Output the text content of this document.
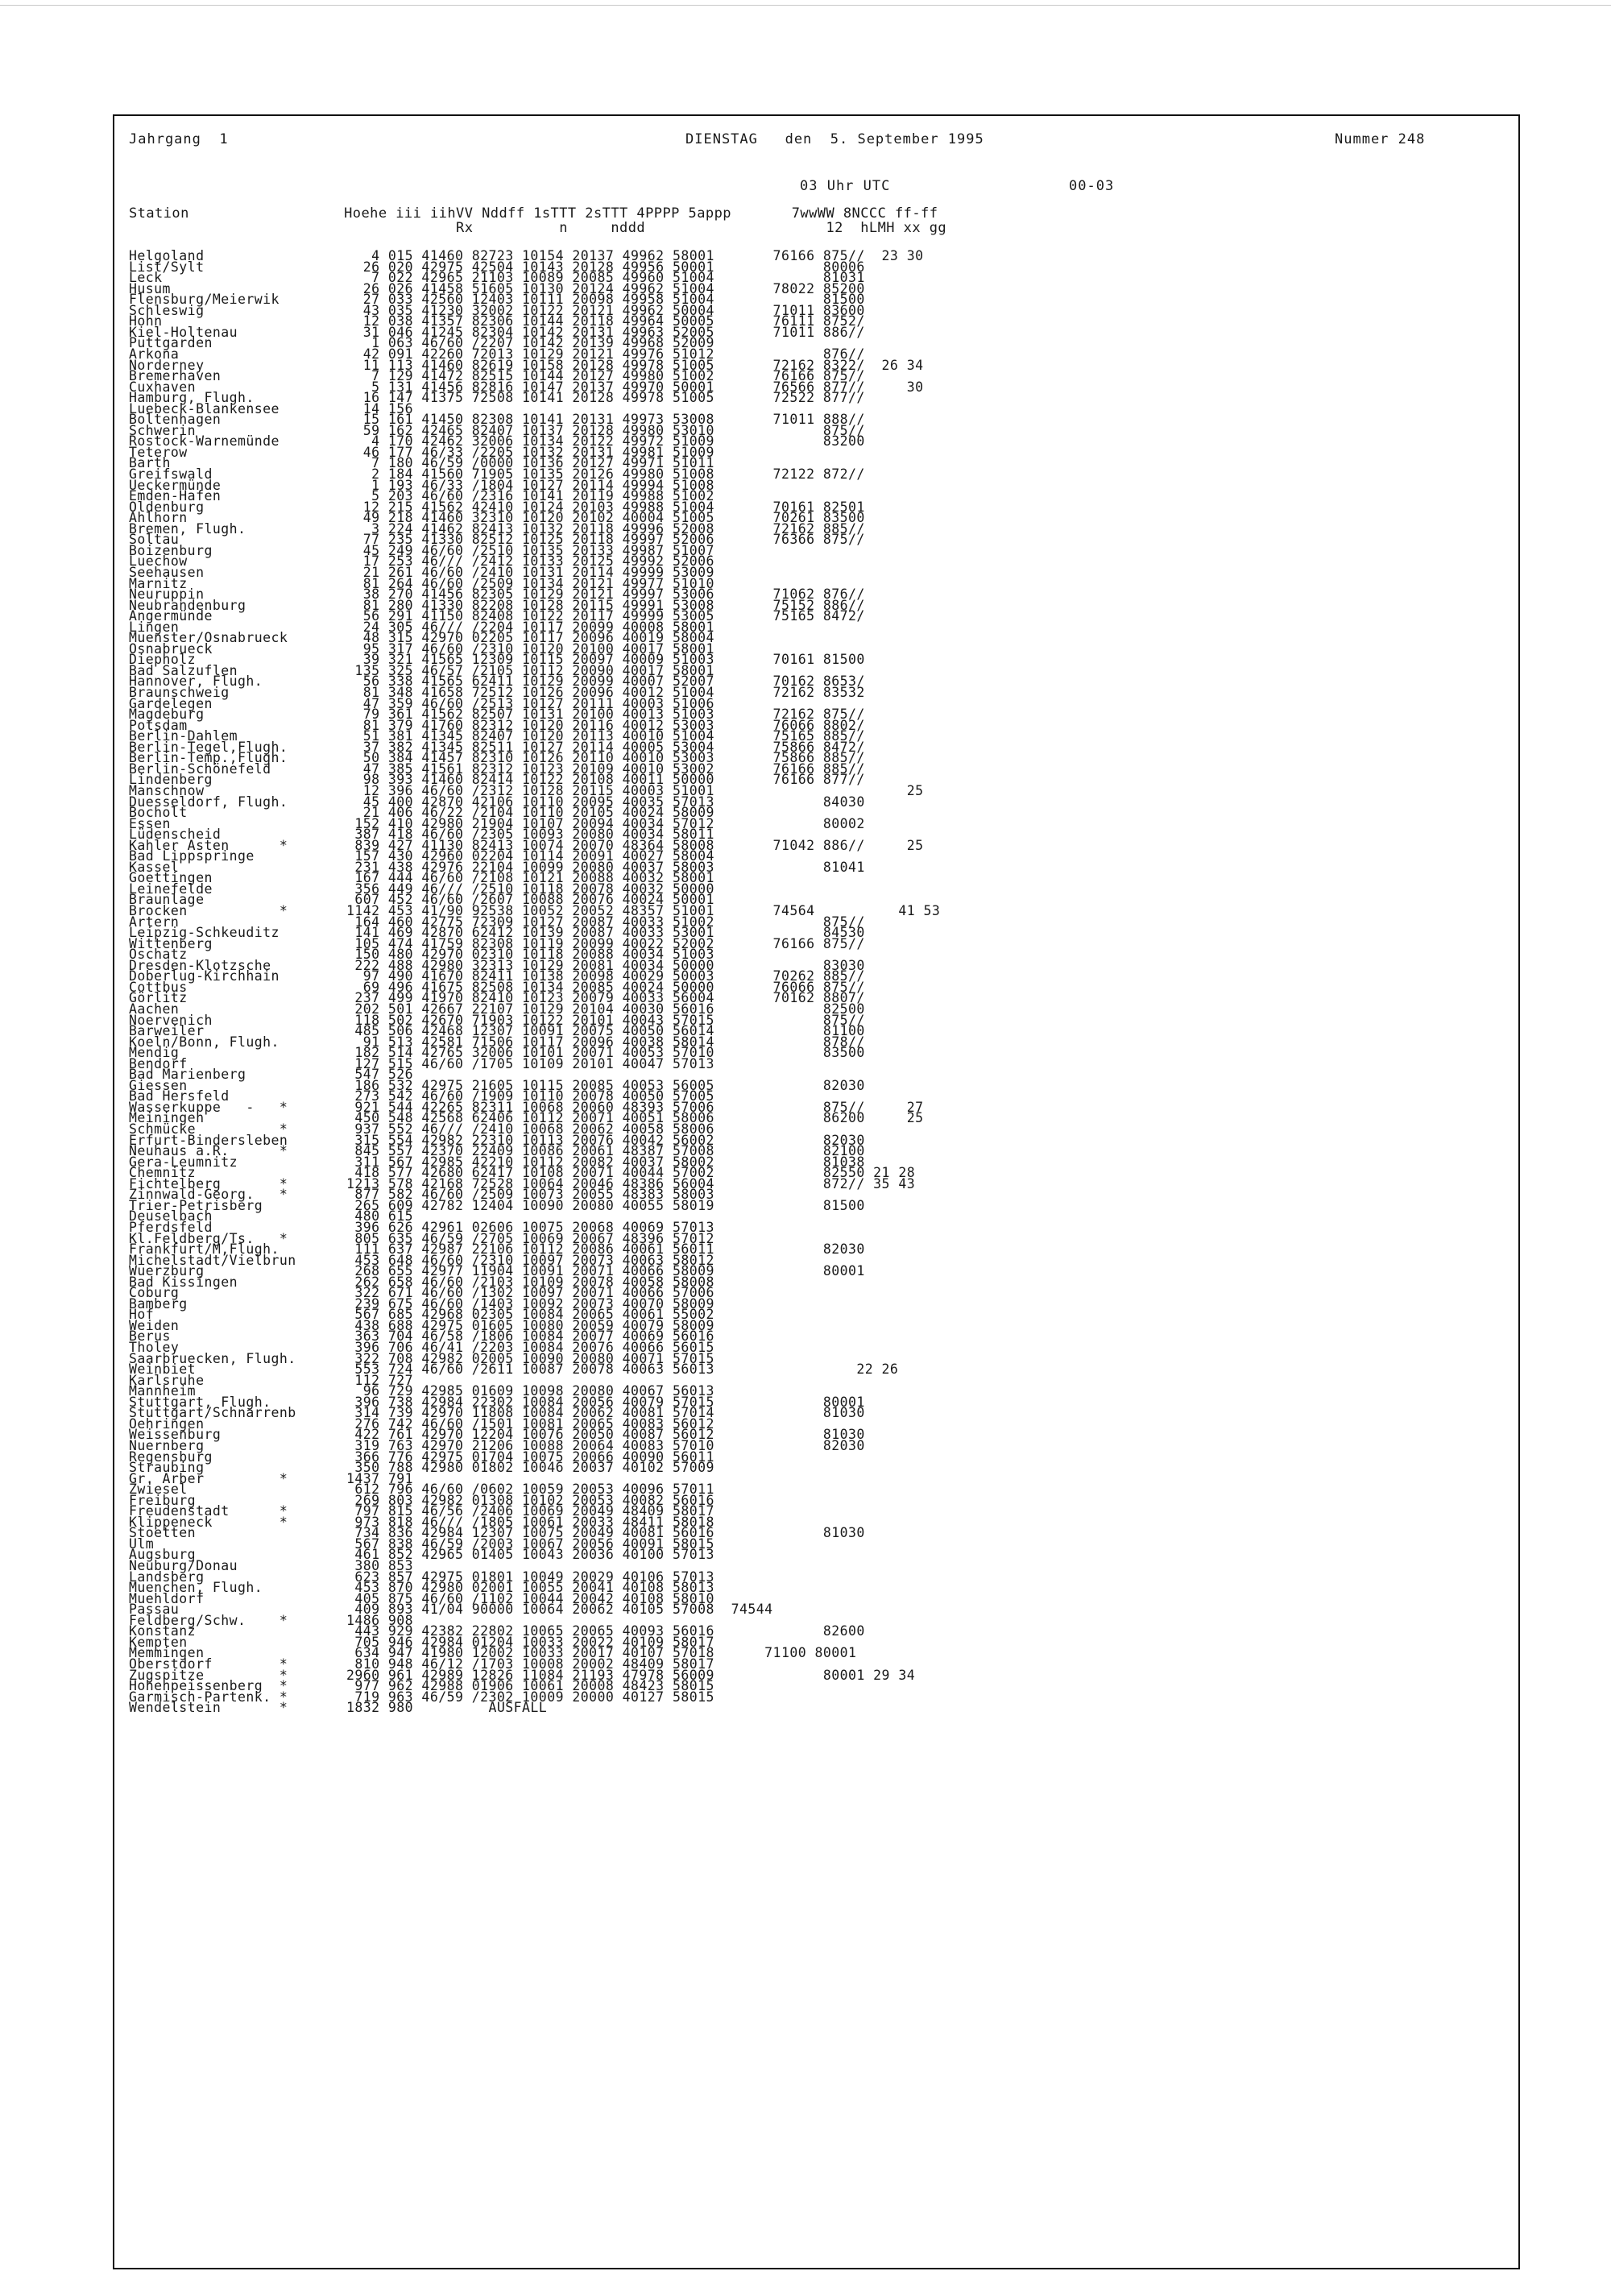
Jahrgang  1	DIENSTAG   den  5. September 1995	Nummer 248
03 Uhr UTC	00-03
Station                  Hoehe iii iihVV Nddff 1sTTT 2sTTT 4PPPP 5appp       7wwWW 8NCCC ff-ff
Rx          n     nddd                     12  hLMH xx gg
Helgoland                    4 015 41460 82723 10154 20137 49962 58001       76166 875//  23 30
List/Sylt                   26 020 42975 42504 10143 20128 49956 50001             80006
Leck                         7 022 42965 21103 10089 20085 49960 51004             81031
Husum                       26 026 41458 51605 10130 20124 49962 51004       78022 85200
Flensburg/Meierwik          27 033 42560 12403 10111 20098 49958 51004             81500
Schleswig                   43 035 41230 32002 10122 20121 49962 50004       71011 83600
Hohn                        12 038 41357 82306 10144 20118 49964 50005       76111 8752/
Kiel-Holtenau               31 046 41245 82304 10142 20131 49963 52005       71011 886//
Puttgarden                   1 063 46/60 /2207 10142 20139 49968 52009
Arkona                      42 091 42260 72013 10129 20121 49976 51012             876//
Norderney                   11 113 41460 82619 10158 20128 49978 51005       72162 8322/  26 34
Bremerhaven                  7 129 41472 82515 10144 20127 49980 51002       76166 875//
Cuxhaven                     5 131 41456 82816 10147 20137 49970 50001       76566 877//     30
Hamburg, Flugh.             16 147 41375 72508 10141 20128 49978 51005       72522 877//
Luebeck-Blankensee          14 156
Boltenhagen                 15 161 41450 82308 10141 20131 49973 53008       71011 888//
Schwerin                    59 162 42465 82407 10137 20128 49980 53010             875//
Rostock-Warnemünde           4 170 42462 32006 10134 20122 49972 51009             83200
Teterow                     46 177 46/33 /2205 10132 20131 49981 51009
Barth                        7 180 46/59 /0000 10136 20127 49971 51011
Greifswald                   2 184 41560 71905 10135 20126 49980 51008       72122 872//
Ueckermünde                  1 193 46/33 /1804 10127 20114 49994 51008
Emden-Hafen                  5 203 46/60 /2316 10141 20119 49988 51002
Oldenburg                   12 215 41562 42410 10124 20103 49988 51004       70161 82501
Ahlhorn                     49 218 41460 32310 10120 20102 40004 51005       70261 83500
Bremen, Flugh.               3 224 41462 82413 10132 20118 49996 52008       72162 885//
Soltau                      77 235 41330 82512 10125 20118 49997 52006       76366 875//
Boizenburg                  45 249 46/60 /2510 10135 20133 49987 51007
Luechow                     17 253 46/// /2412 10133 20125 49992 52006
Seehausen                   21 261 46/60 /2410 10131 20114 49999 53009
Marnitz                     81 264 46/60 /2509 10134 20121 49977 51010
Neuruppin                   38 270 41456 82305 10129 20121 49997 53006       71062 876//
Neubrandenburg              81 280 41330 82208 10128 20115 49991 53008       75152 886//
Angermünde                  56 291 41150 82408 10122 20117 49999 53005       75165 8472/
Lingen                      24 305 46/// /2204 10117 20099 40008 58001
Muenster/Osnabrueck         48 315 42970 02205 10117 20096 40019 58004
Osnabrueck                  95 317 46/60 /2310 10120 20100 40017 58001
Diepholz                    39 321 41565 12309 10115 20097 40009 51003       70161 81500
Bad Salzuflen              135 325 46/57 /2105 10112 20090 40017 58001
Hannover, Flugh.            56 338 41565 62411 10129 20099 40007 52007       70162 8653/
Braunschweig                81 348 41658 72512 10126 20096 40012 51004       72162 83532
Gardelegen                  47 359 46/60 /2513 10127 20111 40003 51006
Magdeburg                   79 361 41562 82507 10131 20100 40013 51003       72162 875//
Potsdam                     81 379 41760 82312 10120 20116 40012 53003       76066 8802/
Berlin-Dahlem               51 381 41345 82407 10120 20113 40010 51004       75165 885//
Berlin-Tegel,Flugh.         37 382 41345 82511 10127 20114 40005 53004       75866 8472/
Berlin-Temp.,Flugh.         50 384 41457 82310 10126 20110 40010 53003       75866 885//
Berlin-Schönefeld           47 385 41561 82312 10123 20109 40010 53002       76166 885//
Lindenberg                  98 393 41460 82414 10122 20108 40011 50000       76166 877//
Manschnow                   12 396 46/60 /2312 10128 20115 40003 51001                       25
Duesseldorf, Flugh.         45 400 42870 42106 10110 20095 40035 57013             84030
Bocholt                     21 406 46/22 /2104 10110 20105 40024 58009
Essen                      152 410 42980 21904 10107 20094 40034 57012             80002
Lüdenscheid                387 418 46/60 /2305 10093 20080 40034 58011
Kahler Asten      *        839 427 41130 82413 10074 20070 48364 58008       71042 886//     25
Bad Lippspringe            157 430 42960 02204 10114 20091 40027 58004
Kassel                     231 438 42976 22104 10099 20080 40037 58003             81041
Goettingen                 167 444 46/60 /2108 10121 20088 40032 58001
Leinefelde                 356 449 46/// /2510 10118 20078 40032 50000
Braunlage                  607 452 46/60 /2607 10088 20076 40024 50001
Brocken           *       1142 453 41/90 92538 10052 20052 48357 51001       74564          41 53
Artern                     164 460 42775 72309 10127 20087 40033 51002             875//
Leipzig-Schkeuditz         141 469 42870 62412 10139 20087 40033 53001             84530
Wittenberg                 105 474 41759 82308 10119 20099 40022 52002       76166 875//
Oschatz                    150 480 42970 02310 10118 20088 40034 51003
Dresden-Klotzsche          222 488 42980 32313 10129 20081 40034 50000             83030
Doberlug-Kirchhain          97 490 41670 82411 10138 20098 40029 50003       70262 885//
Cottbus                     69 496 41675 82508 10134 20085 40024 50000       76066 875//
Görlitz                    237 499 41970 82410 10123 20079 40033 56004       70162 8807/
Aachen                     202 501 42667 22107 10129 20104 40030 56016             82500
Noervenich                 118 502 42670 71903 10122 20101 40043 57015             875//
Barweiler                  485 506 42468 12307 10091 20075 40050 56014             81100
Koeln/Bonn, Flugh.          91 513 42581 71506 10117 20096 40038 58014             878//
Mendig                     182 514 42765 32006 10101 20071 40053 57010             83500
Bendorf                    127 515 46/60 /1705 10109 20101 40047 57013
Bad Marienberg             547 526
Giessen                    186 532 42975 21605 10115 20085 40053 56005             82030
Bad Hersfeld               273 542 46/60 /1909 10110 20078 40050 57005
Wasserkuppe   -   *        921 544 42265 82311 10068 20060 48393 57006             875//     27
Meiningen                  450 548 42568 62406 10112 20071 40051 58006             86200     25
Schmücke          *        937 552 46/// /2410 10068 20062 40058 58006
Erfurt-Bindersleben        315 554 42982 22310 10113 20076 40042 56002             82030
Neuhaus a.R.      *        845 557 42370 22409 10086 20061 48387 57008             82100
Gera-Leumnitz              311 567 42985 42210 10112 20082 40037 58002             81038
Chemnitz                   418 577 42680 62417 10108 20071 40044 57002             82550 21 28
Fichtelberg       *       1213 578 42168 72528 10064 20046 48386 56004             872// 35 43
Zinnwald-Georg.   *        877 582 46/60 /2509 10073 20055 48383 58003
Trier-Petrisberg           265 609 42782 12404 10090 20080 40055 58019             81500
Deuselbach                 480 615
Pferdsfeld                 396 626 42961 02606 10075 20068 40069 57013
Kl.Feldberg/Ts.   *        805 635 46/59 /2705 10069 20067 48396 57012
Frankfurt/M,Flugh.         111 637 42987 22106 10112 20086 40061 56011             82030
Michelstadt/Vielbrun       453 648 46/60 /2310 10097 20073 40063 58012
Wuerzburg                  268 655 42977 11904 10091 20071 40066 58009             80001
Bad Kissingen              262 658 46/60 /2103 10109 20078 40058 58008
Coburg                     322 671 46/60 /1302 10097 20071 40066 57006
Bamberg                    239 675 46/60 /1403 10092 20073 40070 58009
Hof                        567 685 42968 02305 10084 20065 40061 55002
Weiden                     438 688 42975 01605 10080 20059 40079 58009
Berus                      363 704 46/58 /1806 10084 20077 40069 56016
Tholey                     396 706 46/41 /2203 10084 20076 40066 56015
Saarbruecken, Flugh.       322 708 42982 02005 10090 20080 40071 57015
Weinbiet                   553 724 46/60 /2611 10087 20078 40063 56013                 22 26
Karlsruhe                  112 727
Mannheim                    96 729 42985 01609 10098 20080 40067 56013
Stuttgart, Flugh.          396 738 42984 22302 10084 20056 40079 57015             80001
Stuttgart/Schnarrenb       314 739 42970 11808 10084 20062 40081 57014             81030
Oehringen                  276 742 46/60 /1501 10081 20065 40083 56012
Weissenburg                422 761 42970 12204 10076 20050 40087 56012             81030
Nuernberg                  319 763 42970 21206 10088 20064 40083 57010             82030
Regensburg                 366 776 42975 01704 10075 20066 40090 56011
Straubing                  350 788 42980 01802 10046 20037 40102 57009
Gr. Arber         *       1437 791
Zwiesel                    612 796 46/60 /0602 10059 20053 40096 57011
Freiburg                   269 803 42982 01308 10102 20053 40082 56016
Freudenstadt      *        797 815 46/56 /2406 10069 20049 48409 58017
Klippeneck        *        973 818 46/// /1805 10061 20033 48411 58018
Stoetten                   734 836 42984 12307 10075 20049 40081 56016             81030
Ulm                        567 838 46/59 /2003 10067 20056 40091 58015
Augsburg                   461 852 42965 01405 10043 20036 40100 57013
Neuburg/Donau              380 853
Landsberg                  623 857 42975 01801 10049 20029 40106 57013
Muenchen, Flugh.           453 870 42980 02001 10055 20041 40108 58013
Muehldorf                  405 875 46/60 /1102 10044 20042 40108 58010
Passau                     409 893 41/04 90000 10064 20062 40105 57008  74544
Feldberg/Schw.    *       1486 908
Konstanz                   443 929 42382 22802 10065 20065 40093 56016             82600
Kempten                    705 946 42984 01204 10033 20022 40109 58017
Memmingen                  634 947 41980 12002 10033 20017 40107 57018      71100 80001
Oberstdorf        *        810 948 46/12 /1703 10008 20002 48409 58017
Zugspitze         *       2960 961 42989 12826 11084 21193 47978 56009             80001 29 34
Hohenpeissenberg  *        977 962 42988 01906 10061 20008 48423 58015
Garmisch-Partenk. *        719 963 46/59 /2302 10009 20000 40127 58015
Wendelstein       *       1832 980         AUSFALL
